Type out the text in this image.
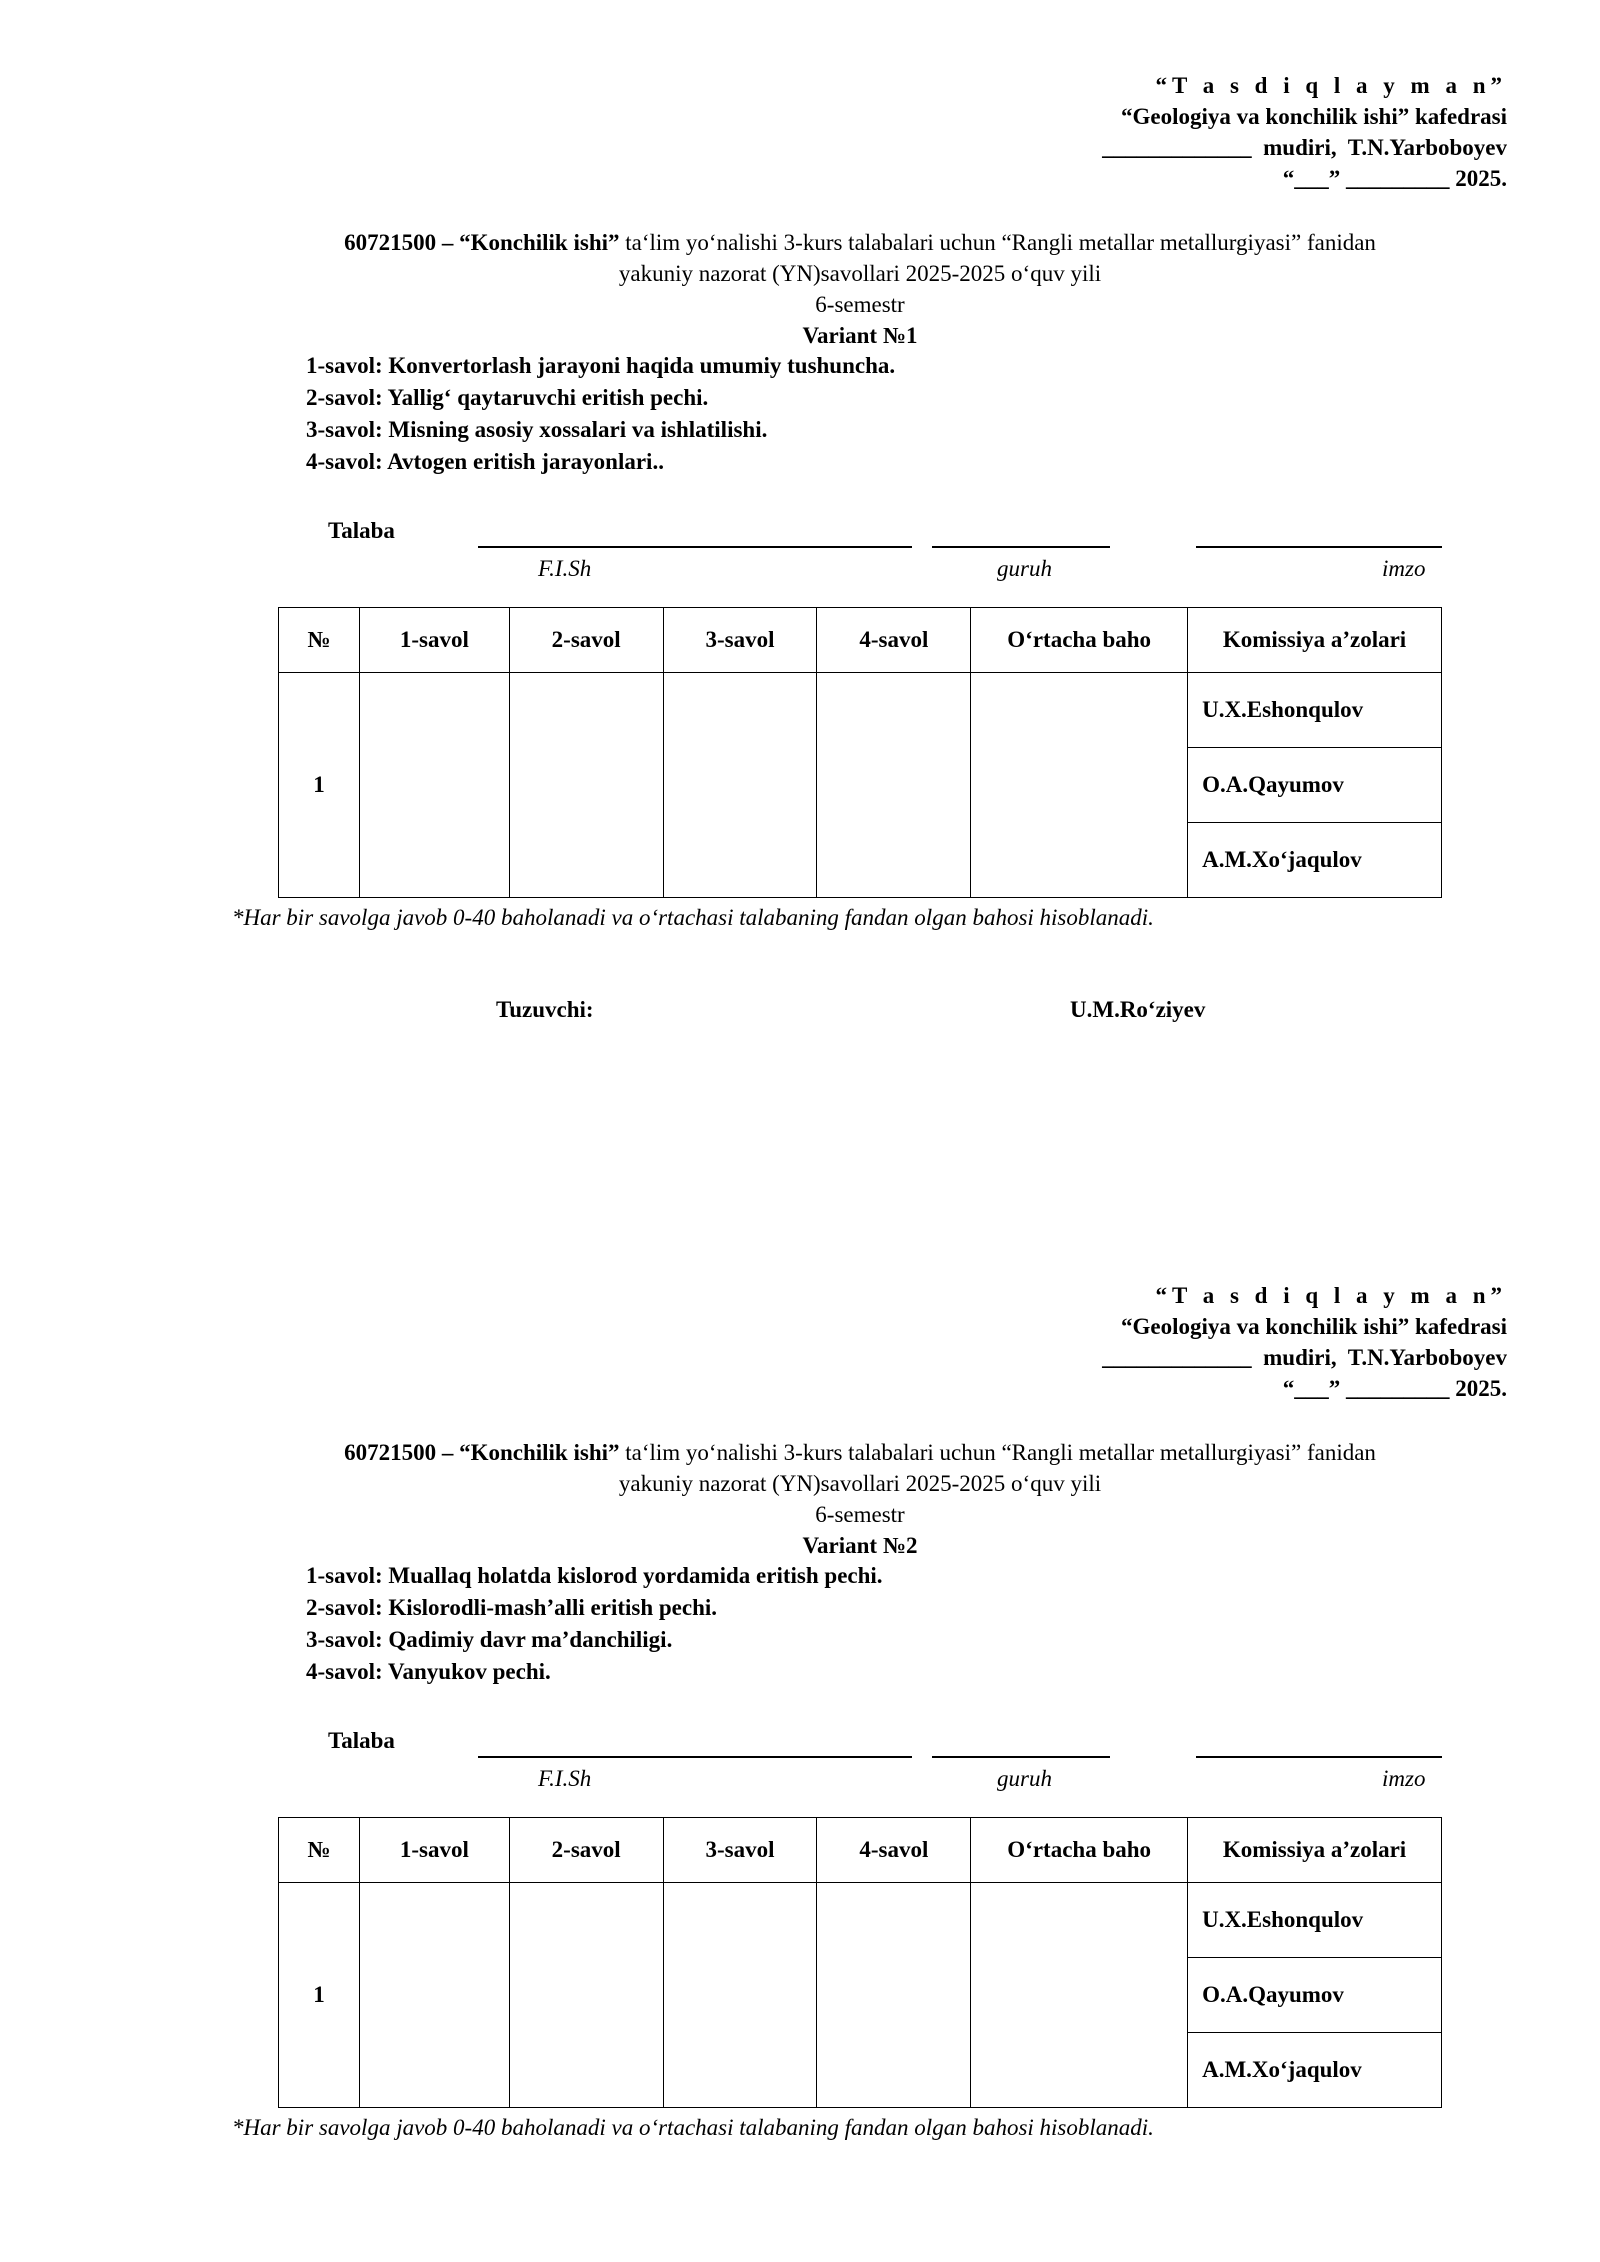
“T a s d i q l a y m a n”
“Geologiya va konchilik ishi” kafedrasi
_____________  mudiri,  T.N.Yarboboyev
“___” _________ 2025.
60721500 – “Konchilik ishi” ta‘lim yo‘nalishi 3-kurs talabalari uchun “Rangli metallar metallurgiyasi” fanidan
yakuniy nazorat (YN)savollari 2025-2025 o‘quv yili
6-semestr
Variant №1
1-savol: Konvertorlash jarayoni haqida umumiy tushuncha.
2-savol: Yallig‘ qaytaruvchi eritish pechi.
3-savol: Misning asosiy xossalari va ishlatilishi.
4-savol: Avtogen eritish jarayonlari..
Talaba
F.I.Sh	guruh	imzo
№	1-savol	2-savol	3-savol	4-savol	O‘rtacha baho	Komissiya a’zolari
1						U.X.Eshonqulov
						O.A.Qayumov
						A.M.Xo‘jaqulov
*Har bir savolga javob 0-40 baholanadi va o‘rtachasi talabaning fandan olgan bahosi hisoblanadi.
Tuzuvchi:	U.M.Ro‘ziyev
“T a s d i q l a y m a n”
“Geologiya va konchilik ishi” kafedrasi
_____________  mudiri,  T.N.Yarboboyev
“___” _________ 2025.
60721500 – “Konchilik ishi” ta‘lim yo‘nalishi 3-kurs talabalari uchun “Rangli metallar metallurgiyasi” fanidan
yakuniy nazorat (YN)savollari 2025-2025 o‘quv yili
6-semestr
Variant №2
1-savol: Muallaq holatda kislorod yordamida eritish pechi.
2-savol: Kislorodli-mash’alli eritish pechi.
3-savol: Qadimiy davr ma’danchiligi.
4-savol: Vanyukov pechi.
Talaba
F.I.Sh	guruh	imzo
№	1-savol	2-savol	3-savol	4-savol	O‘rtacha baho	Komissiya a’zolari
1						U.X.Eshonqulov
						O.A.Qayumov
						A.M.Xo‘jaqulov
*Har bir savolga javob 0-40 baholanadi va o‘rtachasi talabaning fandan olgan bahosi hisoblanadi.
